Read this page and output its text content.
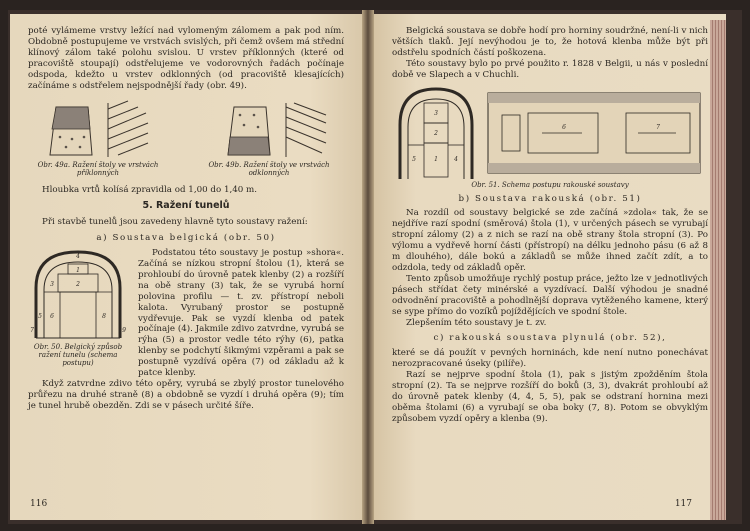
poté vylámeme vrstvy ležící nad vylomeným zálomem a pak pod ním. Obdobně postupujeme ve vrstvách svislých, při čemž ovšem má střední klínový zálom také polohu svislou. U vrstev příklonných (které od pracoviště stoupají) odstřelujeme ve vodorovných řadách počínaje odspoda, kdežto u vrstev odklonných (od pracoviště klesajících) začínáme s odstřelem nejspodnější řady (obr. 49).

Obr. 49a. Ražení štoly ve vrstvách příklonných

Obr. 49b. Ražení štoly ve vrstvách odklonných

Hloubka vrtů kolísá zpravidla od 1,00 do 1,40 m.

5. Ražení tunelů

Při stavbě tunelů jsou zavedeny hlavně tyto soustavy ražení:

a) Soustava belgická (obr. 50)
1
2
3
4
5 6
7
8
9

Obr. 50. Belgický způsob ražení tunelu (schema postupu)

Podstatou této soustavy je postup »shora«. Začíná se nízkou stropní štolou (1), která se prohloubí do úrovně patek klenby (2) a rozšíří na obě strany (3) tak, že se vyrubá horní polovina profilu — t. zv. přístropí neboli kalota. Vyrubaný prostor se postupně vydřevuje. Pak se vyzdí klenba od patek počínaje (4). Jakmile zdivo zatvrdne, vyrubá se rýha (5) a prostor vedle této rýhy (6), patka klenby se podchytí šikmými vzpěrami a pak se postupně vyzdívá opěra (7) od základu až k patce klenby.

Když zatvrdne zdivo této opěry, vyrubá se zbylý prostor tunelového průřezu na druhé straně (8) a obdobně se vyzdí i druhá opěra (9); tím je tunel hrubě obezděn. Zdi se v pásech určité šíře.

116

Belgická soustava se dobře hodí pro horniny soudržné, není-li v nich větších tlaků. Její nevýhodou je to, že hotová klenba může být při odstřelu spodních částí poškozena.

Této soustavy bylo po prvé použito r. 1828 v Belgii, u nás v poslední době ve Slapech a v Chuchli.

3
2
1
5	4
6	7

Obr. 51. Schema postupu rakouské soustavy

b) Soustava rakouská (obr. 51)

Na rozdíl od soustavy belgické se zde začíná »zdola« tak, že se nejdříve razí spodní (směrová) štola (1), v určených pásech se vyrubají stropní zálomy (2) a z nich se razí na obě strany štola stropní (3). Po výlomu a vydřevě horní části (přístropí) na délku jednoho pásu (6 až 8 m dlouhého), dále bokú a základů se může ihned začít zdít, a to odzdola, tedy od základů opěr.

Tento způsob umožňuje rychlý postup práce, ježto lze v jednotlivých pásech střídat čety minérské a vyzdívací. Další výhodou je snadné odvodnění pracoviště a pohodlnější doprava vytěženého kamene, který se sype přímo do vozíků pojíždějících ve spodní štole.

Zlepšením této soustavy je t. zv.

c) rakouská soustava plynulá (obr. 52),

které se dá použít v pevných horninách, kde není nutno ponechávat nerozpracované úseky (pilíře).

Razí se nejprve spodní štola (1), pak s jistým zpožděním štola stropní (2). Ta se nejprve rozšíří do boků (3, 3), dvakrát prohloubí až do úrovně patek klenby (4, 4, 5, 5), pak se odstraní hornina mezi oběma štolami (6) a vyrubají se oba boky (7, 8). Potom se obvyklým způsobem vyzdí opěry a klenba (9).

117
